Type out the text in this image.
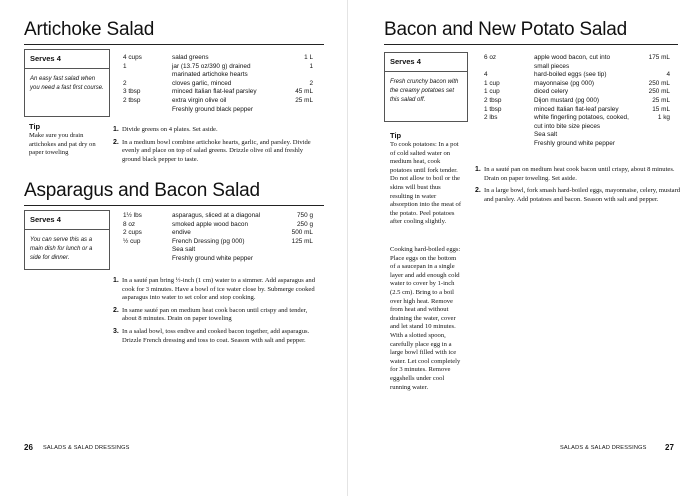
Artichoke Salad
Serves 4
An easy fast salad when you need a fast first course.
Tip
Make sure you drain artichokes and pat dry on paper toweling
4 cups	salad greens	1 L
1	jar (13.75 oz/390 g) drained	1
marinated artichoke hearts
2	cloves garlic, minced	2
3 tbsp	minced Italian flat-leaf parsley	45 mL
2 tbsp	extra virgin olive oil	25 mL
Freshly ground black pepper
1. Divide greens on 4 plates. Set aside.
2. In a medium bowl combine artichoke hearts, garlic, and parsley. Divide evenly and place on top of salad greens. Drizzle olive oil and freshly ground black pepper to taste.
Asparagus and Bacon Salad
Serves 4
You can serve this as a main dish for lunch or a side for dinner.
1½ lbs	asparagus, sliced at a diagonal	750 g
8 oz	smoked apple wood bacon	250 g
2 cups	endive	500 mL
½ cup	French Dressing (pg 000)	125 mL
Sea salt
Freshly ground white pepper
1. In a sauté pan bring ½-inch (1 cm) water to a simmer. Add asparagus and cook for 3 minutes. Have a bowl of ice water close by. Submerge cooked asparagus into water to set color and stop cooking.
2. In same sauté pan on medium heat cook bacon until crispy and tender, about 8 minutes. Drain on paper toweling
3. In a salad bowl, toss endive and cooked bacon together, add asparagus. Drizzle French dressing and toss to coat. Season with salt and pepper.
26 SALADS & SALAD DRESSINGS
Bacon and New Potato Salad
Serves 4
Fresh crunchy bacon with the creamy potatoes set this salad off.
Tip
To cook potatoes: In a pot of cold salted water on medium heat, cook potatoes until fork tender. Do not allow to boil or the skins will bust thus resulting in water absorption into the meat of the potato. Peel potatoes after cooling slightly.
Cooking hard-boiled eggs: Place eggs on the bottom of a saucepan in a single layer and add enough cold water to cover by 1-inch (2.5 cm). Bring to a boil over high heat. Remove from heat and without draining the water, cover and let stand 10 minutes. With a slotted spoon, carefully place egg in a large bowl filled with ice water. Let cool completely for 3 minutes. Remove eggshells under cool running water.
6 oz	apple wood bacon, cut into	175 mL
small pieces
4	hard-boiled eggs (see tip)	4
1 cup	mayonnaise (pg 000)	250 mL
1 cup	diced celery	250 mL
2 tbsp	Dijon mustard (pg 000)	25 mL
1 tbsp	minced Italian flat-leaf parsley	15 mL
2 lbs	white fingerling potatoes, cooked,	1 kg
cut into bite size pieces
Sea salt
Freshly ground white pepper
1. In a sauté pan on medium heat cook bacon until crispy, about 8 minutes. Drain on paper toweling. Set aside.
2. In a large bowl, fork smash hard-boiled eggs, mayonnaise, celery, mustard and parsley. Add potatoes and bacon. Season with salt and pepper.
SALADS & SALAD DRESSINGS 27
